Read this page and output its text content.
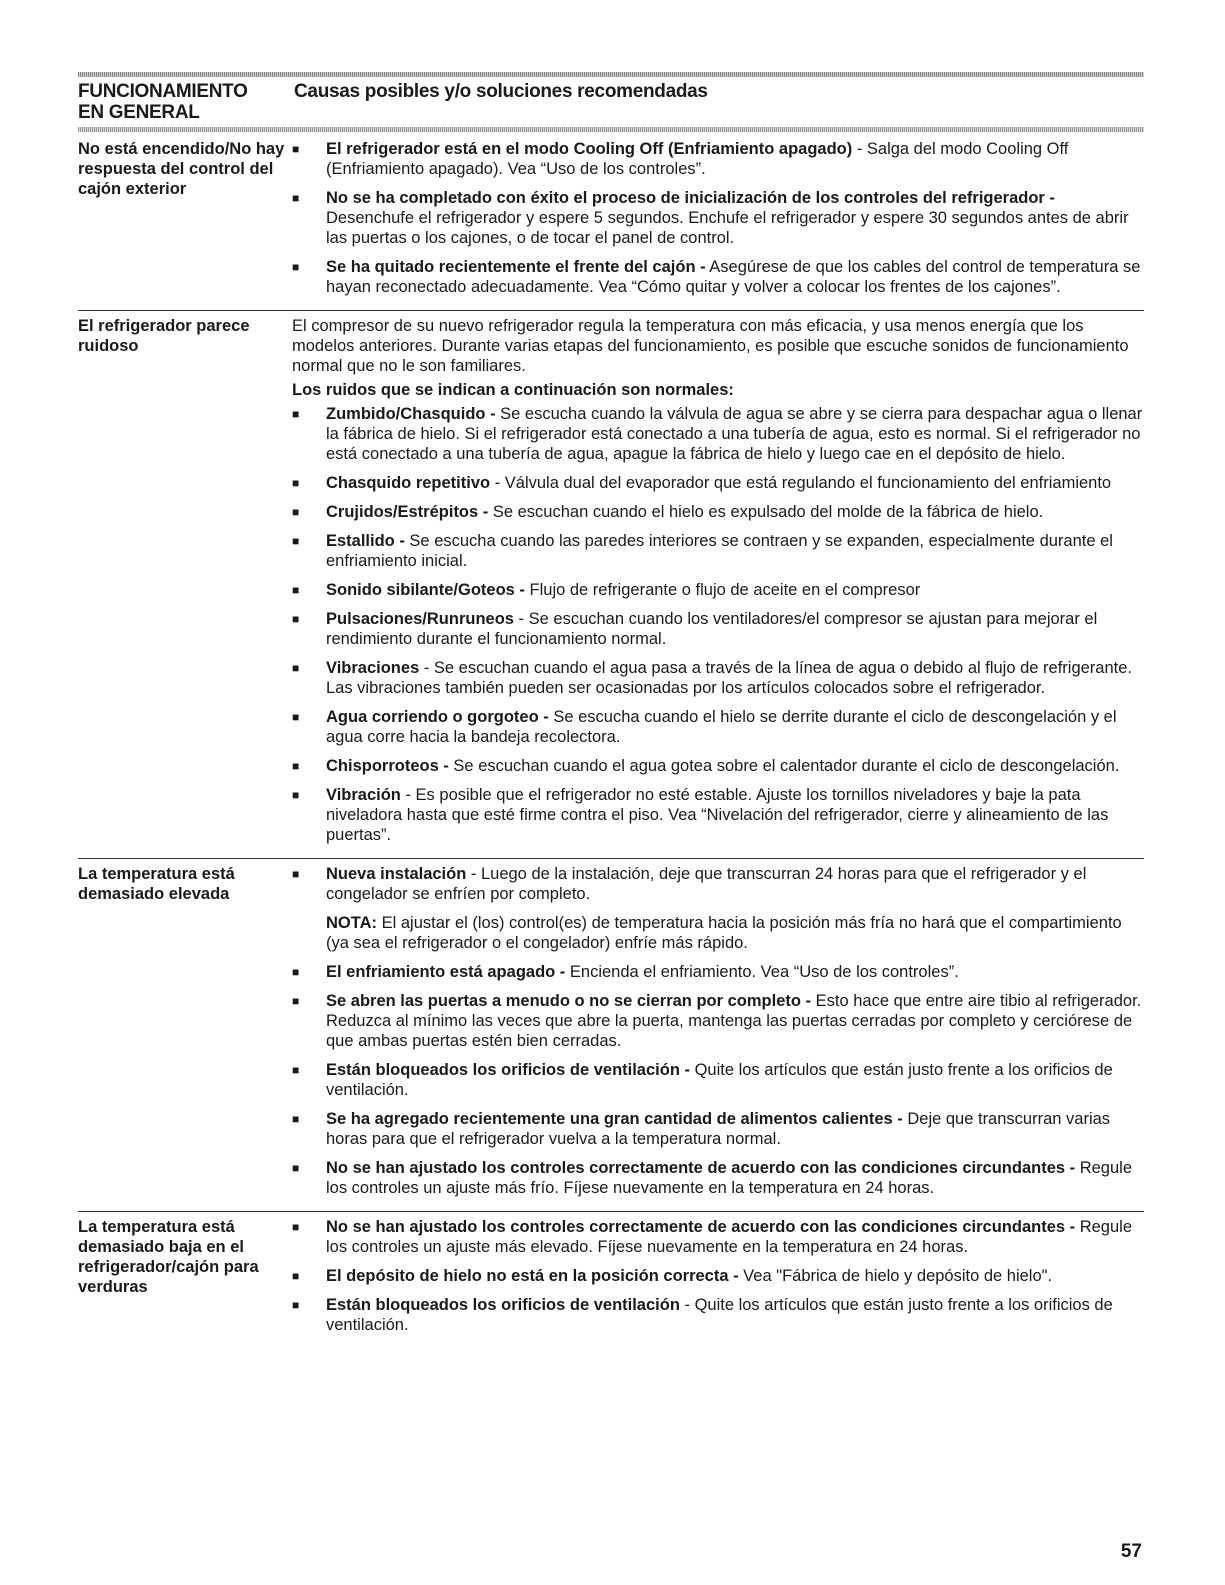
FUNCIONAMIENTO
EN GENERAL
Causas posibles y/o soluciones recomendadas
No está encendido/No hay respuesta del control del cajón exterior
■	El refrigerador está en el modo Cooling Off (Enfriamiento apagado) - Salga del modo Cooling Off (Enfriamiento apagado). Vea “Uso de los controles”.
■	No se ha completado con éxito el proceso de inicialización de los controles del refrigerador - Desenchufe el refrigerador y espere 5 segundos. Enchufe el refrigerador y espere 30 segundos antes de abrir las puertas o los cajones, o de tocar el panel de control.
■	Se ha quitado recientemente el frente del cajón - Asegúrese de que los cables del control de temperatura se hayan reconectado adecuadamente. Vea “Cómo quitar y volver a colocar los frentes de los cajones”.
El refrigerador parece ruidoso
El compresor de su nuevo refrigerador regula la temperatura con más eficacia, y usa menos energía que los modelos anteriores. Durante varias etapas del funcionamiento, es posible que escuche sonidos de funcionamiento normal que no le son familiares.
Los ruidos que se indican a continuación son normales:
■	Zumbido/Chasquido - Se escucha cuando la válvula de agua se abre y se cierra para despachar agua o llenar la fábrica de hielo. Si el refrigerador está conectado a una tubería de agua, esto es normal. Si el refrigerador no está conectado a una tubería de agua, apague la fábrica de hielo y luego cae en el depósito de hielo.
■	Chasquido repetitivo - Válvula dual del evaporador que está regulando el funcionamiento del enfriamiento
■	Crujidos/Estrépitos - Se escuchan cuando el hielo es expulsado del molde de la fábrica de hielo.
■	Estallido - Se escucha cuando las paredes interiores se contraen y se expanden, especialmente durante el enfriamiento inicial.
■	Sonido sibilante/Goteos - Flujo de refrigerante o flujo de aceite en el compresor
■	Pulsaciones/Runruneos - Se escuchan cuando los ventiladores/el compresor se ajustan para mejorar el rendimiento durante el funcionamiento normal.
■	Vibraciones - Se escuchan cuando el agua pasa a través de la línea de agua o debido al flujo de refrigerante. Las vibraciones también pueden ser ocasionadas por los artículos colocados sobre el refrigerador.
■	Agua corriendo o gorgoteo - Se escucha cuando el hielo se derrite durante el ciclo de descongelación y el agua corre hacia la bandeja recolectora.
■	Chisporroteos - Se escuchan cuando el agua gotea sobre el calentador durante el ciclo de descongelación.
■	Vibración - Es posible que el refrigerador no esté estable. Ajuste los tornillos niveladores y baje la pata niveladora hasta que esté firme contra el piso. Vea “Nivelación del refrigerador, cierre y alineamiento de las puertas”.
La temperatura está demasiado elevada
■	Nueva instalación - Luego de la instalación, deje que transcurran 24 horas para que el refrigerador y el congelador se enfríen por completo.
NOTA: El ajustar el (los) control(es) de temperatura hacia la posición más fría no hará que el compartimiento (ya sea el refrigerador o el congelador) enfríe más rápido.
■	El enfriamiento está apagado - Encienda el enfriamiento. Vea “Uso de los controles”.
■	Se abren las puertas a menudo o no se cierran por completo - Esto hace que entre aire tibio al refrigerador. Reduzca al mínimo las veces que abre la puerta, mantenga las puertas cerradas por completo y cerciórese de que ambas puertas estén bien cerradas.
■	Están bloqueados los orificios de ventilación - Quite los artículos que están justo frente a los orificios de ventilación.
■	Se ha agregado recientemente una gran cantidad de alimentos calientes - Deje que transcurran varias horas para que el refrigerador vuelva a la temperatura normal.
■	No se han ajustado los controles correctamente de acuerdo con las condiciones circundantes - Regule los controles un ajuste más frío. Fíjese nuevamente en la temperatura en 24 horas.
La temperatura está demasiado baja en el refrigerador/cajón para verduras
■	No se han ajustado los controles correctamente de acuerdo con las condiciones circundantes - Regule los controles un ajuste más elevado. Fíjese nuevamente en la temperatura en 24 horas.
■	El depósito de hielo no está en la posición correcta - Vea "Fábrica de hielo y depósito de hielo".
■	Están bloqueados los orificios de ventilación - Quite los artículos que están justo frente a los orificios de ventilación.
57
